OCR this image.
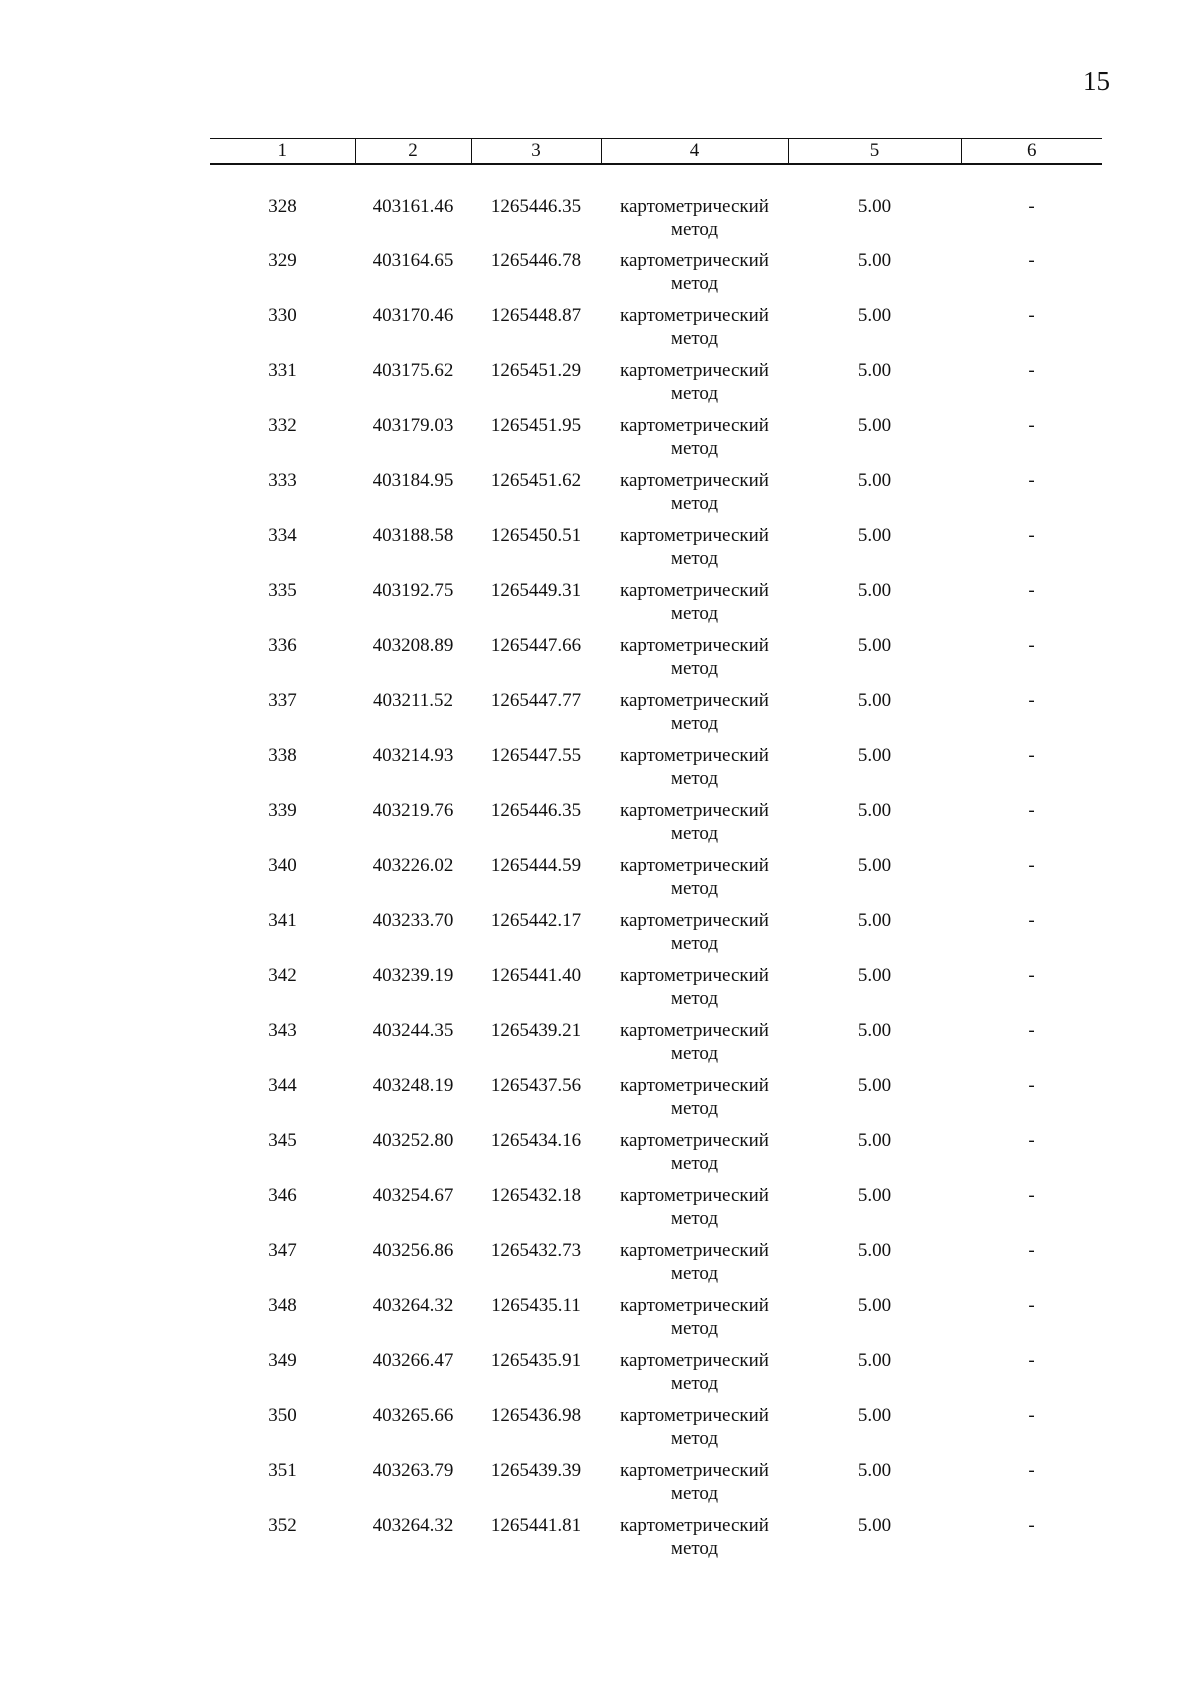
15
1	2	3	4	5	6
328	403161.46	1265446.35	картометрический метод	5.00	-
329	403164.65	1265446.78	картометрический метод	5.00	-
330	403170.46	1265448.87	картометрический метод	5.00	-
331	403175.62	1265451.29	картометрический метод	5.00	-
332	403179.03	1265451.95	картометрический метод	5.00	-
333	403184.95	1265451.62	картометрический метод	5.00	-
334	403188.58	1265450.51	картометрический метод	5.00	-
335	403192.75	1265449.31	картометрический метод	5.00	-
336	403208.89	1265447.66	картометрический метод	5.00	-
337	403211.52	1265447.77	картометрический метод	5.00	-
338	403214.93	1265447.55	картометрический метод	5.00	-
339	403219.76	1265446.35	картометрический метод	5.00	-
340	403226.02	1265444.59	картометрический метод	5.00	-
341	403233.70	1265442.17	картометрический метод	5.00	-
342	403239.19	1265441.40	картометрический метод	5.00	-
343	403244.35	1265439.21	картометрический метод	5.00	-
344	403248.19	1265437.56	картометрический метод	5.00	-
345	403252.80	1265434.16	картометрический метод	5.00	-
346	403254.67	1265432.18	картометрический метод	5.00	-
347	403256.86	1265432.73	картометрический метод	5.00	-
348	403264.32	1265435.11	картометрический метод	5.00	-
349	403266.47	1265435.91	картометрический метод	5.00	-
350	403265.66	1265436.98	картометрический метод	5.00	-
351	403263.79	1265439.39	картометрический метод	5.00	-
352	403264.32	1265441.81	картометрический метод	5.00	-
